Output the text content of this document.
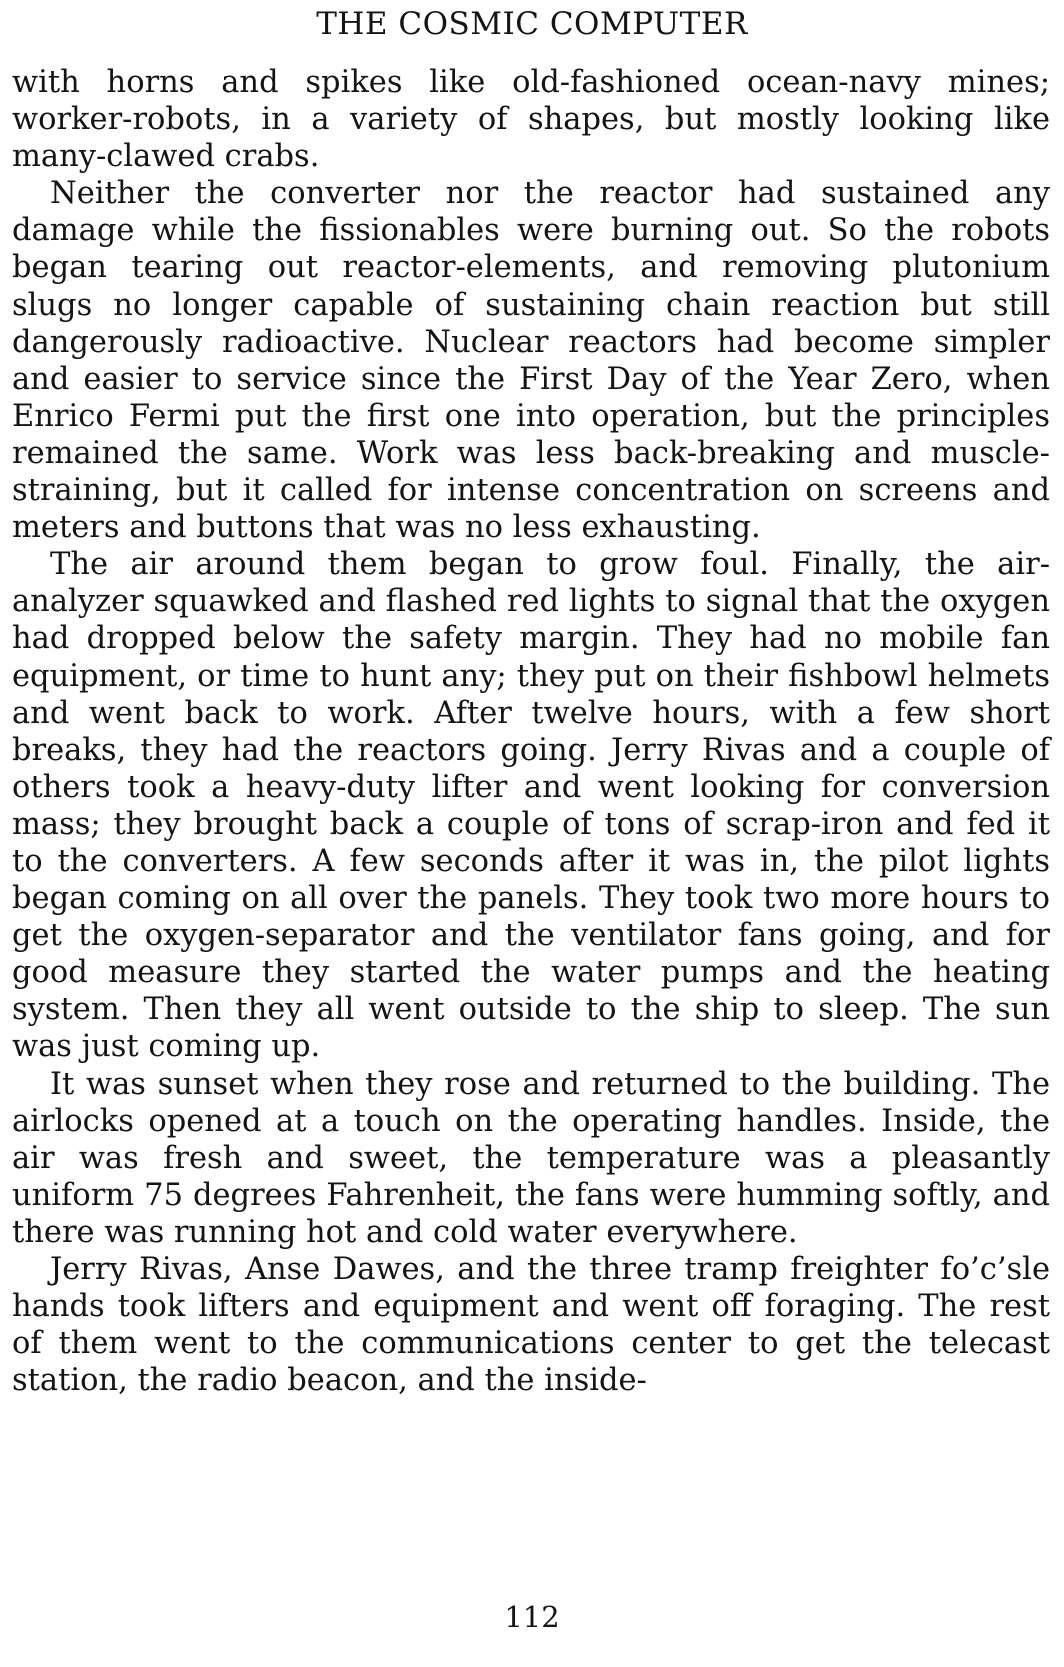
THE COSMIC COMPUTER

with horns and spikes like old-fashioned ocean-navy mines; worker-robots, in a variety of shapes, but mostly looking like many-clawed crabs.

Neither the converter nor the reactor had sustained any damage while the fissionables were burning out. So the robots began tearing out reactor-elements, and removing plutonium slugs no longer capable of sustaining chain reaction but still dangerously radioactive. Nuclear reactors had become simpler and easier to service since the First Day of the Year Zero, when Enrico Fermi put the first one into operation, but the principles remained the same. Work was less back-breaking and muscle-straining, but it called for intense concentration on screens and meters and buttons that was no less exhausting.

The air around them began to grow foul. Finally, the air-analyzer squawked and flashed red lights to signal that the oxygen had dropped below the safety margin. They had no mobile fan equipment, or time to hunt any; they put on their fishbowl helmets and went back to work. After twelve hours, with a few short breaks, they had the reactors going. Jerry Rivas and a couple of others took a heavy-duty lifter and went looking for conversion mass; they brought back a couple of tons of scrap-iron and fed it to the converters. A few seconds after it was in, the pilot lights began coming on all over the panels. They took two more hours to get the oxygen-separator and the ventilator fans going, and for good measure they started the water pumps and the heating system. Then they all went outside to the ship to sleep. The sun was just coming up.

It was sunset when they rose and returned to the building. The airlocks opened at a touch on the operating handles. Inside, the air was fresh and sweet, the temperature was a pleasantly uniform 75 degrees Fahrenheit, the fans were humming softly, and there was running hot and cold water everywhere.

Jerry Rivas, Anse Dawes, and the three tramp freighter fo’c’sle hands took lifters and equipment and went off foraging. The rest of them went to the communications center to get the telecast station, the radio beacon, and the inside-

112
